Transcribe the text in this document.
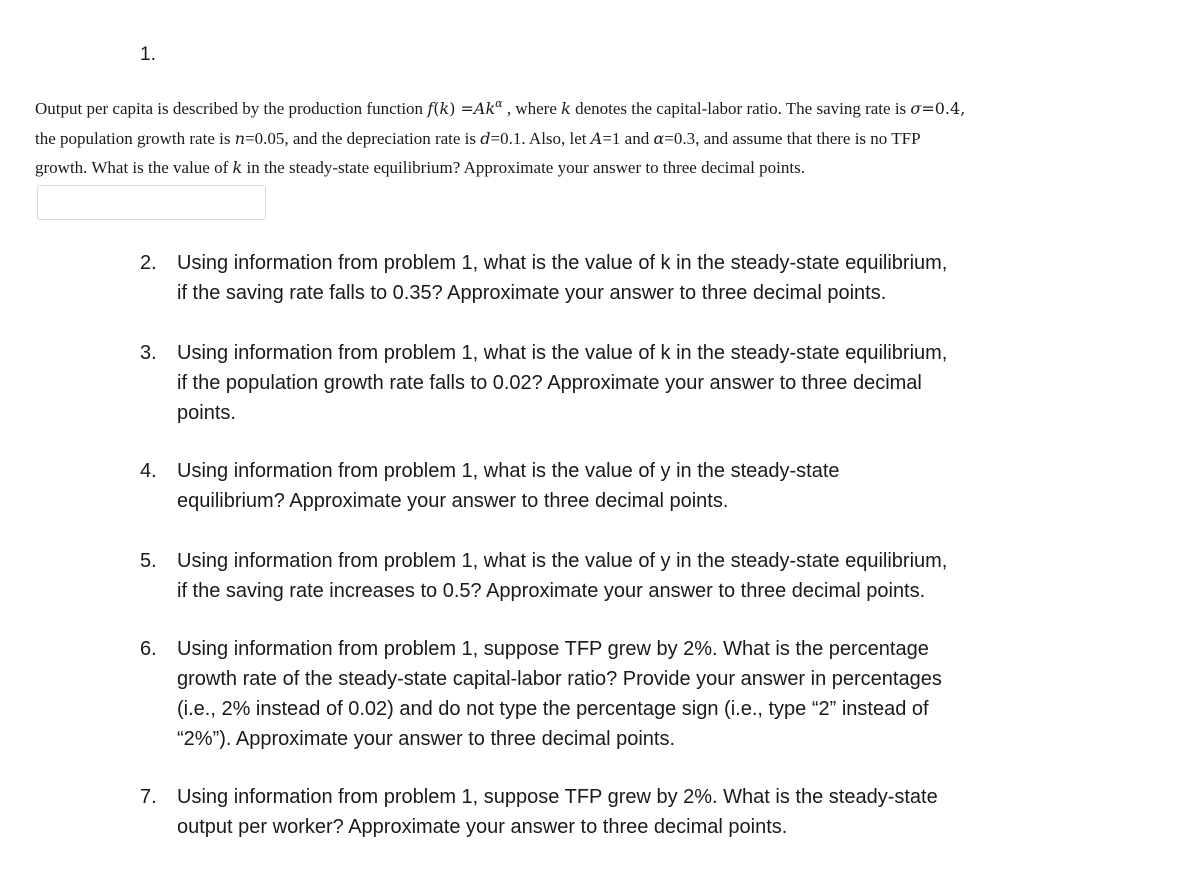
1.
Output per capita is described by the production function $f(k) =Ak^\alpha$ , where k denotes the capital-labor ratio. The saving rate is σ=0.4,
the population growth rate is n=0.05, and the depreciation rate is d=0.1. Also, let A=1 and α=0.3, and assume that there is no TFP
growth. What is the value of k in the steady-state equilibrium? Approximate your answer to three decimal points.
2. Using information from problem 1, what is the value of k in the steady-state equilibrium,
if the saving rate falls to 0.35? Approximate your answer to three decimal points.
3. Using information from problem 1, what is the value of k in the steady-state equilibrium,
if the population growth rate falls to 0.02? Approximate your answer to three decimal
points.
4. Using information from problem 1, what is the value of y in the steady-state
equilibrium? Approximate your answer to three decimal points.
5. Using information from problem 1, what is the value of y in the steady-state equilibrium,
if the saving rate increases to 0.5? Approximate your answer to three decimal points.
6. Using information from problem 1, suppose TFP grew by 2%. What is the percentage
growth rate of the steady-state capital-labor ratio? Provide your answer in percentages
(i.e., 2% instead of 0.02) and do not type the percentage sign (i.e., type “2” instead of
“2%”). Approximate your answer to three decimal points.
7. Using information from problem 1, suppose TFP grew by 2%. What is the steady-state
output per worker? Approximate your answer to three decimal points.
